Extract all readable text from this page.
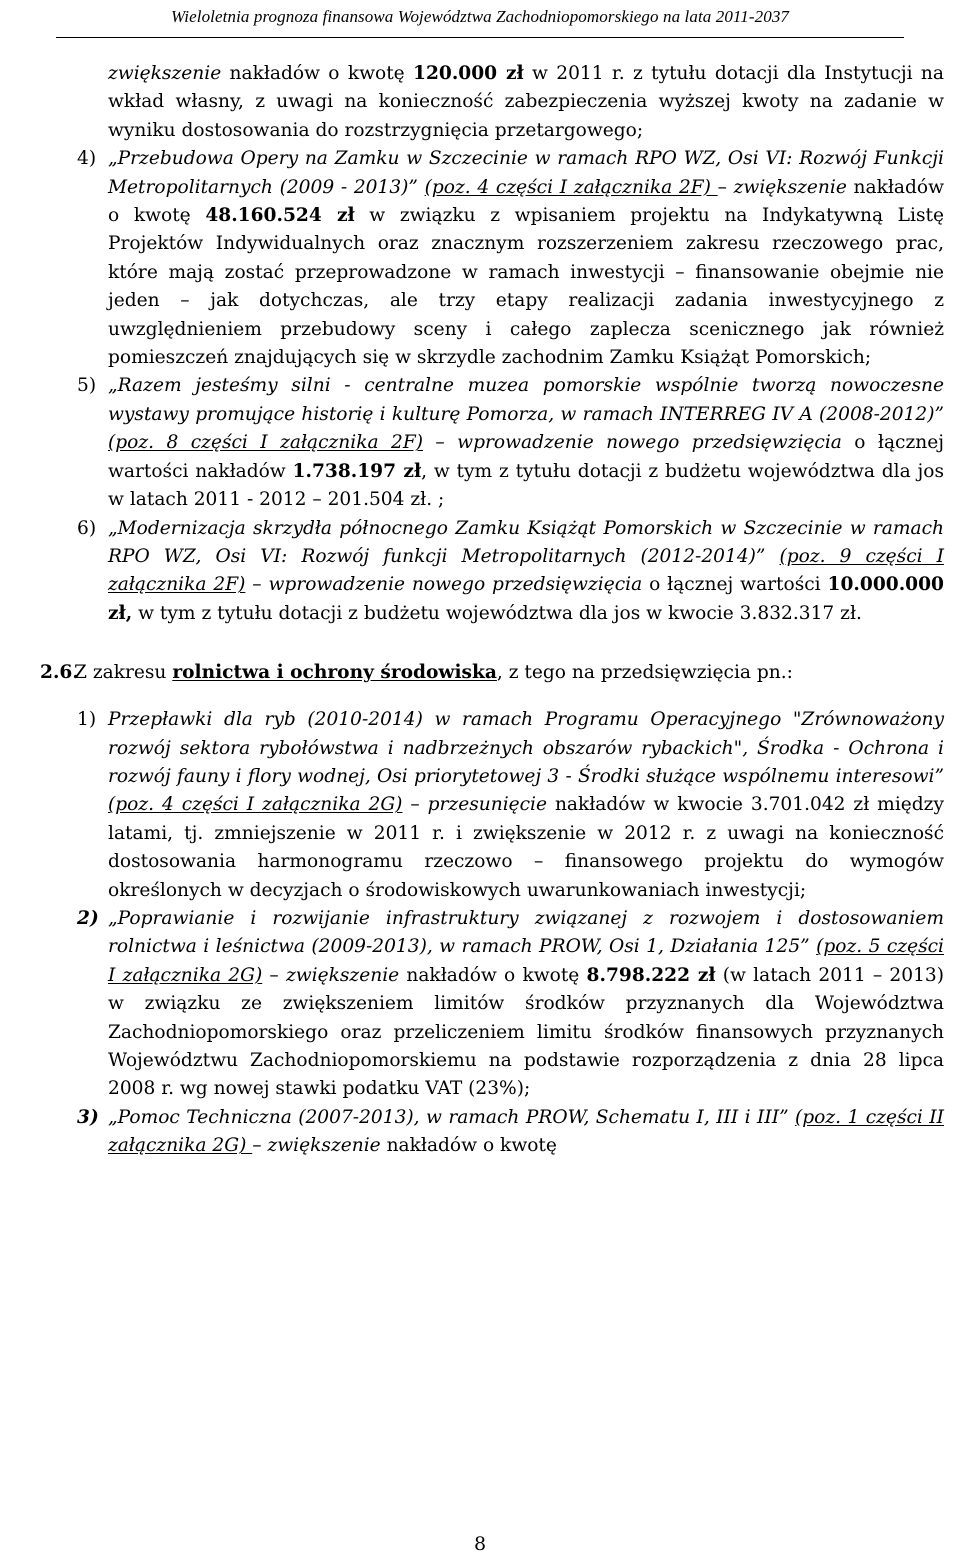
Wieloletnia prognoza finansowa Województwa Zachodniopomorskiego na lata 2011-2037

zwiększenie nakładów o kwotę 120.000 zł w 2011 r. z tytułu dotacji dla Instytucji na wkład własny, z uwagi na konieczność zabezpieczenia wyższej kwoty na zadanie w wyniku dostosowania do rozstrzygnięcia przetargowego;

4) „Przebudowa Opery na Zamku w Szczecinie w ramach RPO WZ, Osi VI: Rozwój Funkcji Metropolitarnych (2009 - 2013)” (poz. 4 części I załącznika 2F) – zwiększenie nakładów o kwotę 48.160.524 zł w związku z wpisaniem projektu na Indykatywną Listę Projektów Indywidualnych oraz znacznym rozszerzeniem zakresu rzeczowego prac, które mają zostać przeprowadzone w ramach inwestycji – finansowanie obejmie nie jeden – jak dotychczas, ale trzy etapy realizacji zadania inwestycyjnego z uwzględnieniem przebudowy sceny i całego zaplecza scenicznego jak również pomieszczeń znajdujących się w skrzydle zachodnim Zamku Książąt Pomorskich;

5) „Razem jesteśmy silni - centralne muzea pomorskie wspólnie tworzą nowoczesne wystawy promujące historię i kulturę Pomorza, w ramach INTERREG IV A (2008-2012)” (poz. 8 części I załącznika 2F) – wprowadzenie nowego przedsięwzięcia o łącznej wartości nakładów 1.738.197 zł, w tym z tytułu dotacji z budżetu województwa dla jos w latach 2011 - 2012 – 201.504 zł. ;

6) „Modernizacja skrzydła północnego Zamku Książąt Pomorskich w Szczecinie w ramach RPO WZ, Osi VI: Rozwój funkcji Metropolitarnych (2012-2014)” (poz. 9 części I załącznika 2F) – wprowadzenie nowego przedsięwzięcia o łącznej wartości 10.000.000 zł, w tym z tytułu dotacji z budżetu województwa dla jos w kwocie 3.832.317 zł.

2.6.
Z zakresu rolnictwa i ochrony środowiska, z tego na przedsięwzięcia pn.:

1) Przepławki dla ryb (2010-2014) w ramach Programu Operacyjnego "Zrównoważony rozwój sektora rybołówstwa i nadbrzeżnych obszarów rybackich", Środka - Ochrona i rozwój fauny i flory wodnej, Osi priorytetowej 3 - Środki służące wspólnemu interesowi” (poz. 4 części I załącznika 2G) – przesunięcie nakładów w kwocie 3.701.042 zł między latami, tj. zmniejszenie w 2011 r. i zwiększenie w 2012 r. z uwagi na konieczność dostosowania harmonogramu rzeczowo – finansowego projektu do wymogów określonych w decyzjach o środowiskowych uwarunkowaniach inwestycji;

2) „Poprawianie i rozwijanie infrastruktury związanej z rozwojem i dostosowaniem rolnictwa i leśnictwa (2009-2013), w ramach PROW, Osi 1, Działania 125” (poz. 5 części I załącznika 2G) – zwiększenie nakładów o kwotę 8.798.222 zł (w latach 2011 – 2013) w związku ze zwiększeniem limitów środków przyznanych dla Województwa Zachodniopomorskiego oraz przeliczeniem limitu środków finansowych przyznanych Województwu Zachodniopomorskiemu na podstawie rozporządzenia z dnia 28 lipca 2008 r. wg nowej stawki podatku VAT (23%);

3) „Pomoc Techniczna (2007-2013), w ramach PROW, Schematu I, III i III” (poz. 1 części II załącznika 2G) – zwiększenie nakładów o kwotę

8
